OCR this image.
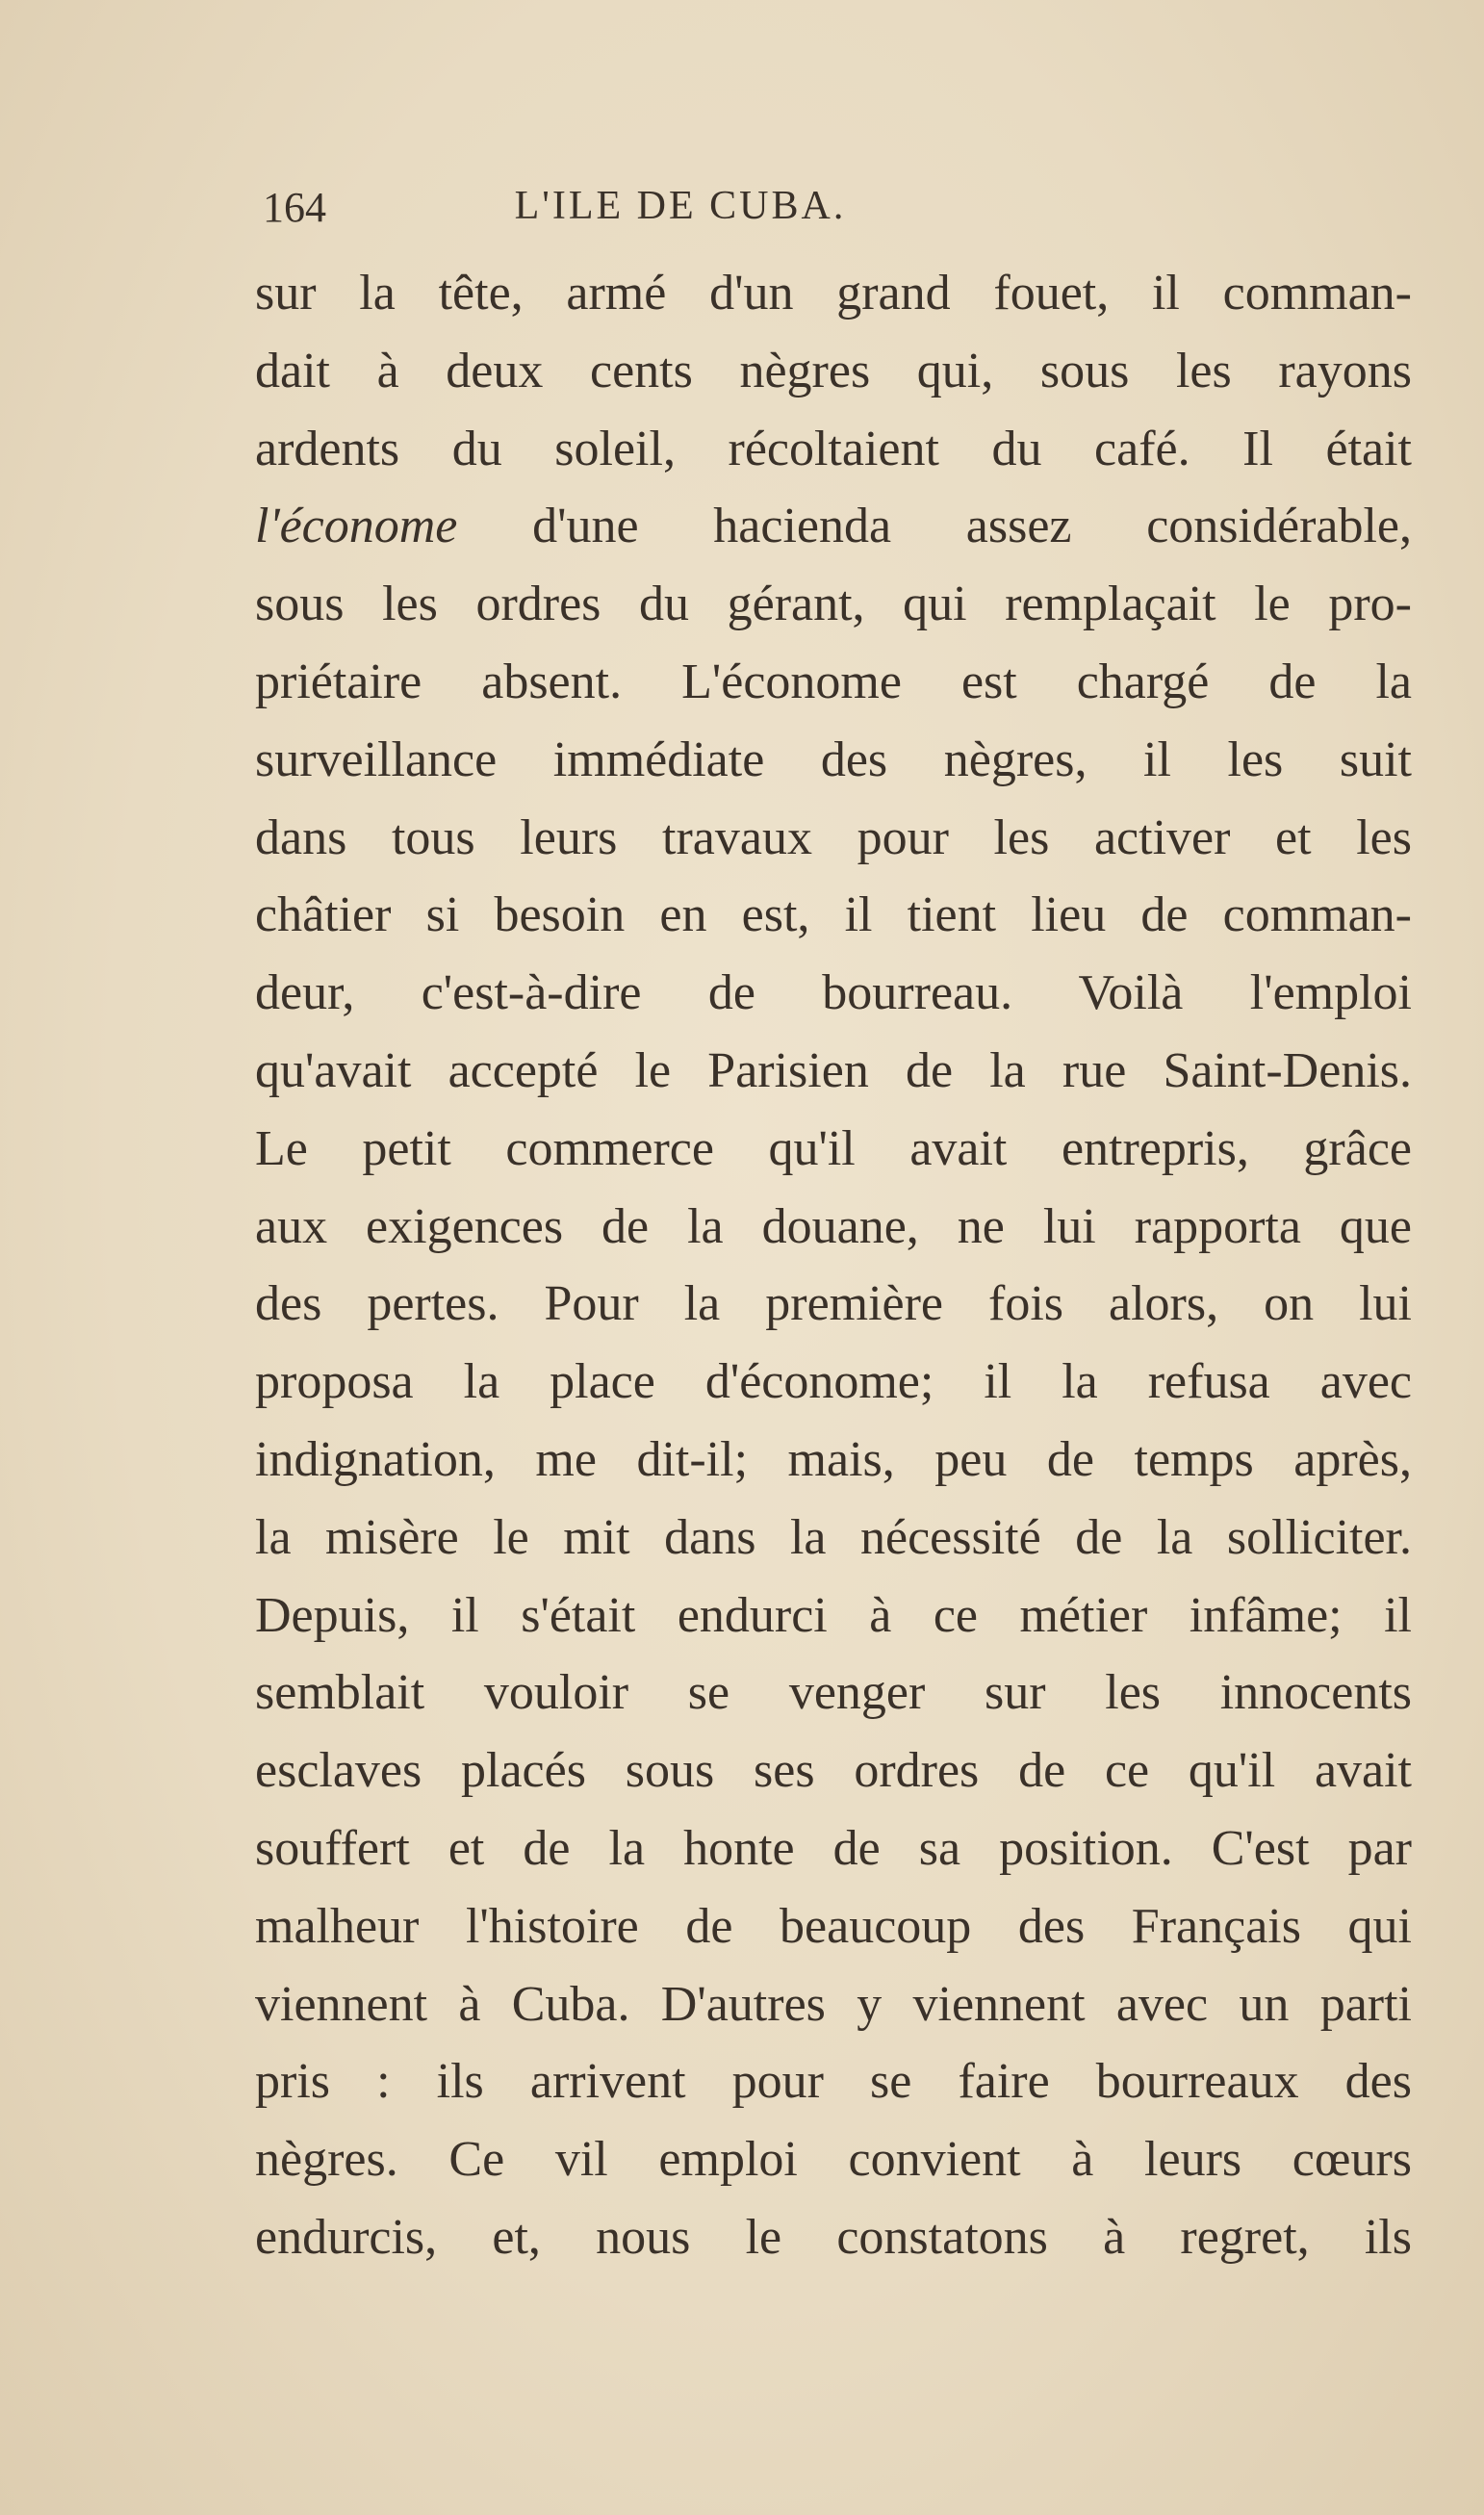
164	L'ILE DE CUBA.
sur la tête, armé d'un grand fouet, il comman-
dait à deux cents nègres qui, sous les rayons
ardents du soleil, récoltaient du café. Il était
l'économe d'une hacienda assez considérable,
sous les ordres du gérant, qui remplaçait le pro-
priétaire absent. L'économe est chargé de la
surveillance immédiate des nègres, il les suit
dans tous leurs travaux pour les activer et les
châtier si besoin en est, il tient lieu de comman-
deur, c'est-à-dire de bourreau. Voilà l'emploi
qu'avait accepté le Parisien de la rue Saint-Denis.
Le petit commerce qu'il avait entrepris, grâce
aux exigences de la douane, ne lui rapporta que
des pertes. Pour la première fois alors, on lui
proposa la place d'économe; il la refusa avec
indignation, me dit-il; mais, peu de temps après,
la misère le mit dans la nécessité de la solliciter.
Depuis, il s'était endurci à ce métier infâme; il
semblait vouloir se venger sur les innocents
esclaves placés sous ses ordres de ce qu'il avait
souffert et de la honte de sa position. C'est par
malheur l'histoire de beaucoup des Français qui
viennent à Cuba. D'autres y viennent avec un parti
pris : ils arrivent pour se faire bourreaux des
nègres. Ce vil emploi convient à leurs cœurs
endurcis, et, nous le constatons à regret, ils
